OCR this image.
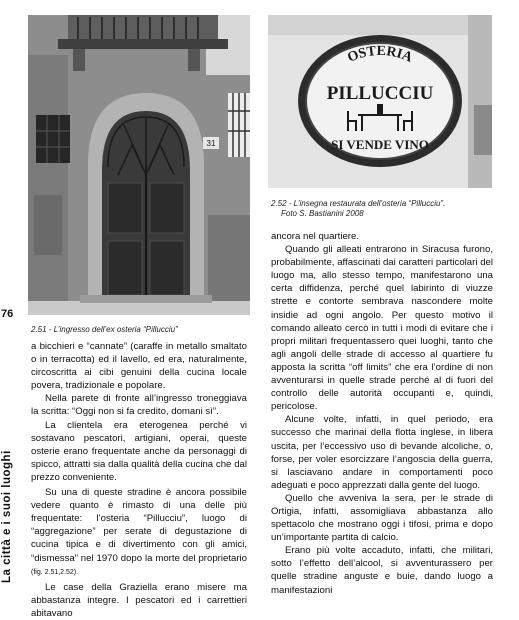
31
OSTERIA
PILLUCCIU
SI VENDE VINO
2.52 - L’insegna restaurata dell’osteria “Pillucciu”.
Foto S. Bastianini 2008
2.51 - L’ingresso dell’ex osteria “Pillucciu”
76
La città e i suoi luoghi

a bicchieri e “cannate” (caraffe in metallo smaltato o in terracotta) ed il lavello, ed era, naturalmente, circoscritta ai cibi genuini della cucina locale povera, tradizionale e popolare.

Nella parete di fronte all’ingresso troneggiava la scritta: “Oggi non si fa credito, domani sì”.

La clientela era eterogenea perché vi sostavano pescatori, artigiani, operai, queste osterie erano frequentate anche da personaggi di spicco, attratti sia dalla qualità della cucina che dal prezzo conveniente.

Su una di queste stradine è ancora possibile vedere quanto è rimasto di una delle più frequentate: l’osteria “Pillucciu”, luogo di “aggregazione” per serate di degustazione di cucina tipica e di divertimento con gli amici, “dismessa” nel 1970 dopo la morte del proprietario (fig. 2.51,2.52).

Le case della Graziella erano misere ma abbastanza integre. I pescatori ed i carrettieri abitavano

ancora nel quartiere.

Quando gli alleati entrarono in Siracusa furono, probabilmente, affascinati dai caratteri particolari del luogo ma, allo stesso tempo, manifestarono una certa diffidenza, perché quel labirinto di viuzze strette e contorte sembrava nascondere molte insidie ad ogni angolo. Per questo motivo il comando alleato cercò in tutti i modi di evitare che i propri militari frequentassero quei luoghi, tanto che agli angoli delle strade di accesso al quartiere fu apposta la scritta “off limits” che era l’ordine di non avventurarsi in quelle strade perché al di fuori del controllo delle autorità occupanti e, quindi, pericolose.

Alcune volte, infatti, in quel periodo, era successo che marinai della flotta inglese, in libera uscita, per l’eccessivo uso di bevande alcoliche, o, forse, per voler esorcizzare l’angoscia della guerra, si lasciavano andare in comportamenti poco adeguati e poco apprezzati dalla gente del luogo.

Quello che avveniva la sera, per le strade di Ortigia, infatti, assomigliava abbastanza allo spettacolo che mostrano oggi i tifosi, prima e dopo un’importante partita di calcio.

Erano più volte accaduto, infatti, che militari, sotto l’effetto dell’alcool, si avventurassero per quelle stradine anguste e buie, dando luogo a manifestazioni
